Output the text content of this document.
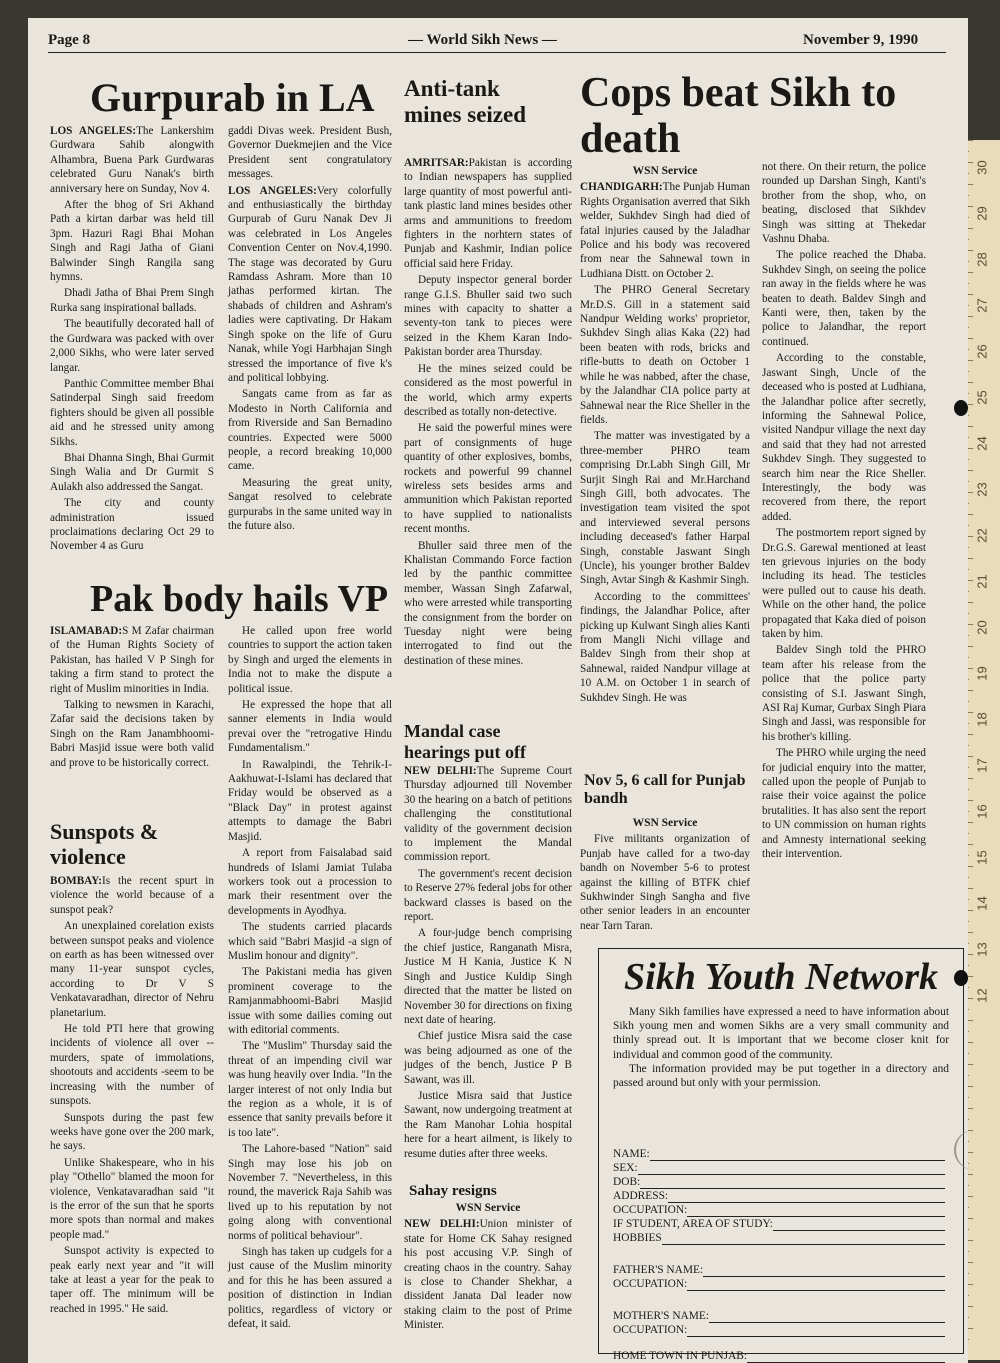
30
29
28
27
26
25
24
23
22
21
20
19
18
17
16
15
14
13
12
Page 8	— World Sikh News —	November 9, 1990
Gurpurab in LA

LOS ANGELES:The Lankershim Gurdwara Sahib alongwith Alhambra, Buena Park Gurdwaras celebrated Guru Nanak's birth anniversary here on Sunday, Nov 4.

After the bhog of Sri Akhand Path a kirtan darbar was held till 3pm. Hazuri Ragi Bhai Mohan Singh and Ragi Jatha of Giani Balwinder Singh Rangila sang hymns.

Dhadi Jatha of Bhai Prem Singh Rurka sang inspirational ballads.

The beautifully decorated hall of the Gurdwara was packed with over 2,000 Sikhs, who were later served langar.

Panthic Committee member Bhai Satinderpal Singh said freedom fighters should be given all possible aid and he stressed unity among Sikhs.

Bhai Dhanna Singh, Bhai Gurmit Singh Walia and Dr Gurmit S Aulakh also addressed the Sangat.

The city and county administration issued proclaimations declaring Oct 29 to November 4 as Guru

gaddi Divas week. President Bush, Governor Duekmejien and the Vice President sent congratulatory messages.

LOS ANGELES:Very colorfully and enthusiastically the birthday Gurpurab of Guru Nanak Dev Ji was celebrated in Los Angeles Convention Center on Nov.4,1990. The stage was decorated by Guru Ramdass Ashram. More than 10 jathas performed kirtan. The shabads of children and Ashram's ladies were captivating. Dr Hakam Singh spoke on the life of Guru Nanak, while Yogi Harbhajan Singh stressed the importance of five k's and political lobbying.

Sangats came from as far as Modesto in North California and from Riverside and San Bernadino countries. Expected were 5000 people, a record breaking 10,000 came.

Measuring the great unity, Sangat resolved to celebrate gurpurabs in the same united way in the future also.

Pak body hails VP

ISLAMABAD:S M Zafar chairman of the Human Rights Society of Pakistan, has hailed V P Singh for taking a firm stand to protect the right of Muslim minorities in India.

Talking to newsmen in Karachi, Zafar said the decisions taken by Singh on the Ram Janambhoomi-Babri Masjid issue were both valid and prove to be historically correct.

He called upon free world countries to support the action taken by Singh and urged the elements in India not to make the dispute a political issue.

He expressed the hope that all sanner elements in India would prevai over the "retrogative Hindu Fundamentalism."

In Rawalpindi, the Tehrik-I-Aakhuwat-I-Islami has declared that Friday would be observed as a "Black Day" in protest against attempts to damage the Babri Masjid.

A report from Faisalabad said hundreds of Islami Jamiat Tulaba workers took out a procession to mark their resentment over the developments in Ayodhya.

The students carried placards which said "Babri Masjid -a sign of Muslim honour and dignity".

The Pakistani media has given prominent coverage to the Ramjanmabhoomi-Babri Masjid issue with some dailies coming out with editorial comments.

The "Muslim" Thursday said the threat of an impending civil war was hung heavily over India. "In the larger interest of not only India but the region as a whole, it is of essence that sanity prevails before it is too late".

The Lahore-based "Nation" said Singh may lose his job on November 7. "Nevertheless, in this round, the maverick Raja Sahib was lived up to his reputation by not going along with conventional norms of political behaviour".

Singh has taken up cudgels for a just cause of the Muslim minority and for this he has been assured a position of distinction in Indian politics, regardless of victory or defeat, it said.

Sunspots & violence

BOMBAY:Is the recent spurt in violence the world because of a sunspot peak?

An unexplained corelation exists between sunspot peaks and violence on earth as has been witnessed over many 11-year sunspot cycles, according to Dr V S Venkatavaradhan, director of Nehru planetarium.

He told PTI here that growing incidents of violence all over -- murders, spate of immolations, shootouts and accidents -seem to be increasing with the number of sunspots.

Sunspots during the past few weeks have gone over the 200 mark, he says.

Unlike Shakespeare, who in his play "Othello" blamed the moon for violence, Venkatavaradhan said "it is the error of the sun that he sports more spots than normal and makes people mad."

Sunspot activity is expected to peak early next year and "it will take at least a year for the peak to taper off. The minimum will be reached in 1995." He said.

Anti-tank mines seized

AMRITSAR:Pakistan is according to Indian newspapers has supplied large quantity of most powerful anti-tank plastic land mines besides other arms and ammunitions to freedom fighters in the norhtern states of Punjab and Kashmir, Indian police official said here Friday.

Deputy inspector general border range G.I.S. Bhuller said two such mines with capacity to shatter a seventy-ton tank to pieces were seized in the Khem Karan Indo-Pakistan border area Thursday.

He the mines seized could be considered as the most powerful in the world, which army experts described as totally non-detective.

He said the powerful mines were part of consignments of huge quantity of other explosives, bombs, rockets and powerful 99 channel wireless sets besides arms and ammunition which Pakistan reported to have supplied to nationalists recent months.

Bhuller said three men of the Khalistan Commando Force faction led by the panthic committee member, Wassan Singh Zafarwal, who were arrested while transporting the consignment from the border on Tuesday night were being interrogated to find out the destination of these mines.

Mandal case hearings put off

NEW DELHI:The Supreme Court Thursday adjourned till November 30 the hearing on a batch of petitions challenging the constitutional validity of the government decision to implement the Mandal commission report.

The government's recent decision to Reserve 27% federal jobs for other backward classes is based on the report.

A four-judge bench comprising the chief justice, Ranganath Misra, Justice M H Kania, Justice K N Singh and Justice Kuldip Singh directed that the matter be listed on November 30 for directions on fixing next date of hearing.

Chief justice Misra said the case was being adjourned as one of the judges of the bench, Justice P B Sawant, was ill.

Justice Misra said that Justice Sawant, now undergoing treatment at the Ram Manohar Lohia hospital here for a heart ailment, is likely to resume duties after three weeks.

Sahay resigns

WSN Service

NEW DELHI:Union minister of state for Home CK Sahay resigned his post accusing V.P. Singh of creating chaos in the country. Sahay is close to Chander Shekhar, a dissident Janata Dal leader now staking claim to the post of Prime Minister.

Cops beat Sikh to death

WSN Service

CHANDIGARH:The Punjab Human Rights Organisation averred that Sikh welder, Sukhdev Singh had died of fatal injuries caused by the Jaladhar Police and his body was recovered from near the Sahnewal town in Ludhiana Distt. on October 2.

The PHRO General Secretary Mr.D.S. Gill in a statement said Nandpur Welding works' proprietor, Sukhdev Singh alias Kaka (22) had been beaten with rods, bricks and rifle-butts to death on October 1 while he was nabbed, after the chase, by the Jalandhar CIA police party at Sahnewal near the Rice Sheller in the fields.

The matter was investigated by a three-member PHRO team comprising Dr.Labh Singh Gill, Mr Surjit Singh Rai and Mr.Harchand Singh Gill, both advocates. The investigation team visited the spot and interviewed several persons including deceased's father Harpal Singh, constable Jaswant Singh (Uncle), his younger brother Baldev Singh, Avtar Singh & Kashmir Singh.

According to the committees' findings, the Jalandhar Police, after picking up Kulwant Singh alies Kanti from Mangli Nichi village and Baldev Singh from their shop at Sahnewal, raided Nandpur village at 10 A.M. on October 1 in search of Sukhdev Singh. He was

not there. On their return, the police rounded up Darshan Singh, Kanti's brother from the shop, who, on beating, disclosed that Sikhdev Singh was sitting at Thekedar Vashnu Dhaba.

The police reached the Dhaba. Sukhdev Singh, on seeing the police ran away in the fields where he was beaten to death. Baldev Singh and Kanti were, then, taken by the police to Jalandhar, the report continued.

According to the constable, Jaswant Singh, Uncle of the deceased who is posted at Ludhiana, the Jalandhar police after secretly, informing the Sahnewal Police, visited Nandpur village the next day and said that they had not arrested Sukhdev Singh. They suggested to search him near the Rice Sheller. Interestingly, the body was recovered from there, the report added.

The postmortem report signed by Dr.G.S. Garewal mentioned at least ten grievous injuries on the body including its head. The testicles were pulled out to cause his death. While on the other hand, the police propagated that Kaka died of poison taken by him.

Baldev Singh told the PHRO team after his release from the police that the police party consisting of S.I. Jaswant Singh, ASI Raj Kumar, Gurbax Singh Piara Singh and Jassi, was responsible for his brother's killing.

The PHRO while urging the need for judicial enquiry into the matter, called upon the people of Punjab to raise their voice against the police brutalities. It has also sent the report to UN commission on human rights and Amnesty international seeking their intervention.

Nov 5, 6 call for Punjab bandh

WSN Service

Five militants organization of Punjab have called for a two-day bandh on November 5-6 to protest against the killing of BTFK chief Sukhwinder Singh Sangha and five other senior leaders in an encounter near Tarn Taran.

Sikh Youth Network

Many Sikh families have expressed a need to have information about Sikh young men and women Sikhs are a very small community and thinly spread out. It is important that we become closer knit for individual and common good of the community.

The information provided may be put together in a directory and passed around but only with your permission.

NAME:
SEX:
DOB:
ADDRESS:
OCCUPATION:
IF STUDENT, AREA OF STUDY:
HOBBIES
FATHER'S NAME:
OCCUPATION:
MOTHER'S NAME:
OCCUPATION:
HOME TOWN IN PUNJAB:
